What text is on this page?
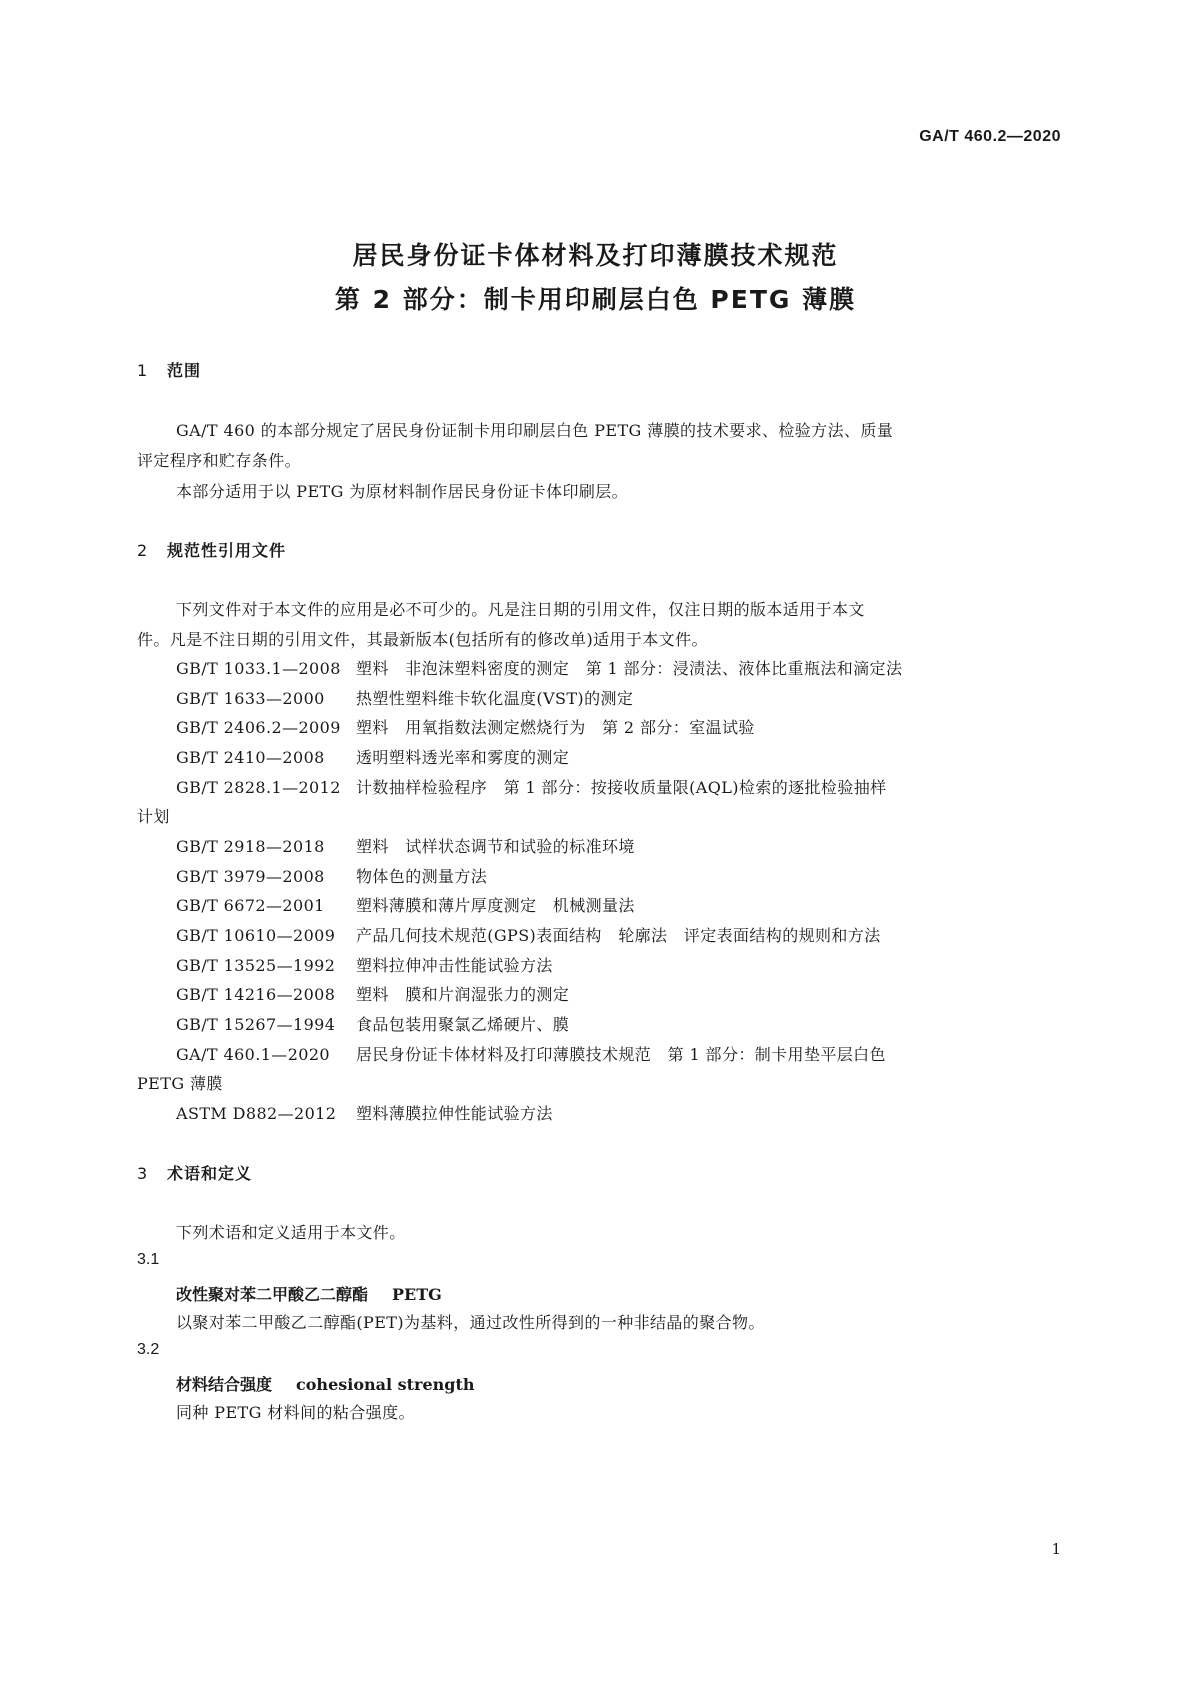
GA/T 460.2—2020
居民身份证卡体材料及打印薄膜技术规范
第 2 部分：制卡用印刷层白色 PETG 薄膜
1 范围
GA/T 460 的本部分规定了居民身份证制卡用印刷层白色 PETG 薄膜的技术要求、检验方法、质量
评定程序和贮存条件。
本部分适用于以 PETG 为原材料制作居民身份证卡体印刷层。
2 规范性引用文件
下列文件对于本文件的应用是必不可少的。凡是注日期的引用文件，仅注日期的版本适用于本文
件。凡是不注日期的引用文件，其最新版本(包括所有的修改单)适用于本文件。
GB/T 1033.1—2008 塑料　非泡沫塑料密度的测定　第 1 部分：浸渍法、液体比重瓶法和滴定法
GB/T 1633—2000 热塑性塑料维卡软化温度(VST)的测定
GB/T 2406.2—2009 塑料　用氧指数法测定燃烧行为　第 2 部分：室温试验
GB/T 2410—2008 透明塑料透光率和雾度的测定
GB/T 2828.1—2012 计数抽样检验程序　第 1 部分：按接收质量限(AQL)检索的逐批检验抽样
计划
GB/T 2918—2018 塑料　试样状态调节和试验的标准环境
GB/T 3979—2008 物体色的测量方法
GB/T 6672—2001 塑料薄膜和薄片厚度测定　机械测量法
GB/T 10610—2009 产品几何技术规范(GPS)表面结构　轮廓法　评定表面结构的规则和方法
GB/T 13525—1992 塑料拉伸冲击性能试验方法
GB/T 14216—2008 塑料　膜和片润湿张力的测定
GB/T 15267—1994 食品包装用聚氯乙烯硬片、膜
GA/T 460.1—2020 居民身份证卡体材料及打印薄膜技术规范　第 1 部分：制卡用垫平层白色
PETG 薄膜
ASTM D882—2012 塑料薄膜拉伸性能试验方法
3 术语和定义
下列术语和定义适用于本文件。
3.1
改性聚对苯二甲酸乙二醇酯 PETG
以聚对苯二甲酸乙二醇酯(PET)为基料，通过改性所得到的一种非结晶的聚合物。
3.2
材料结合强度 cohesional strength
同种 PETG 材料间的粘合强度。
1
